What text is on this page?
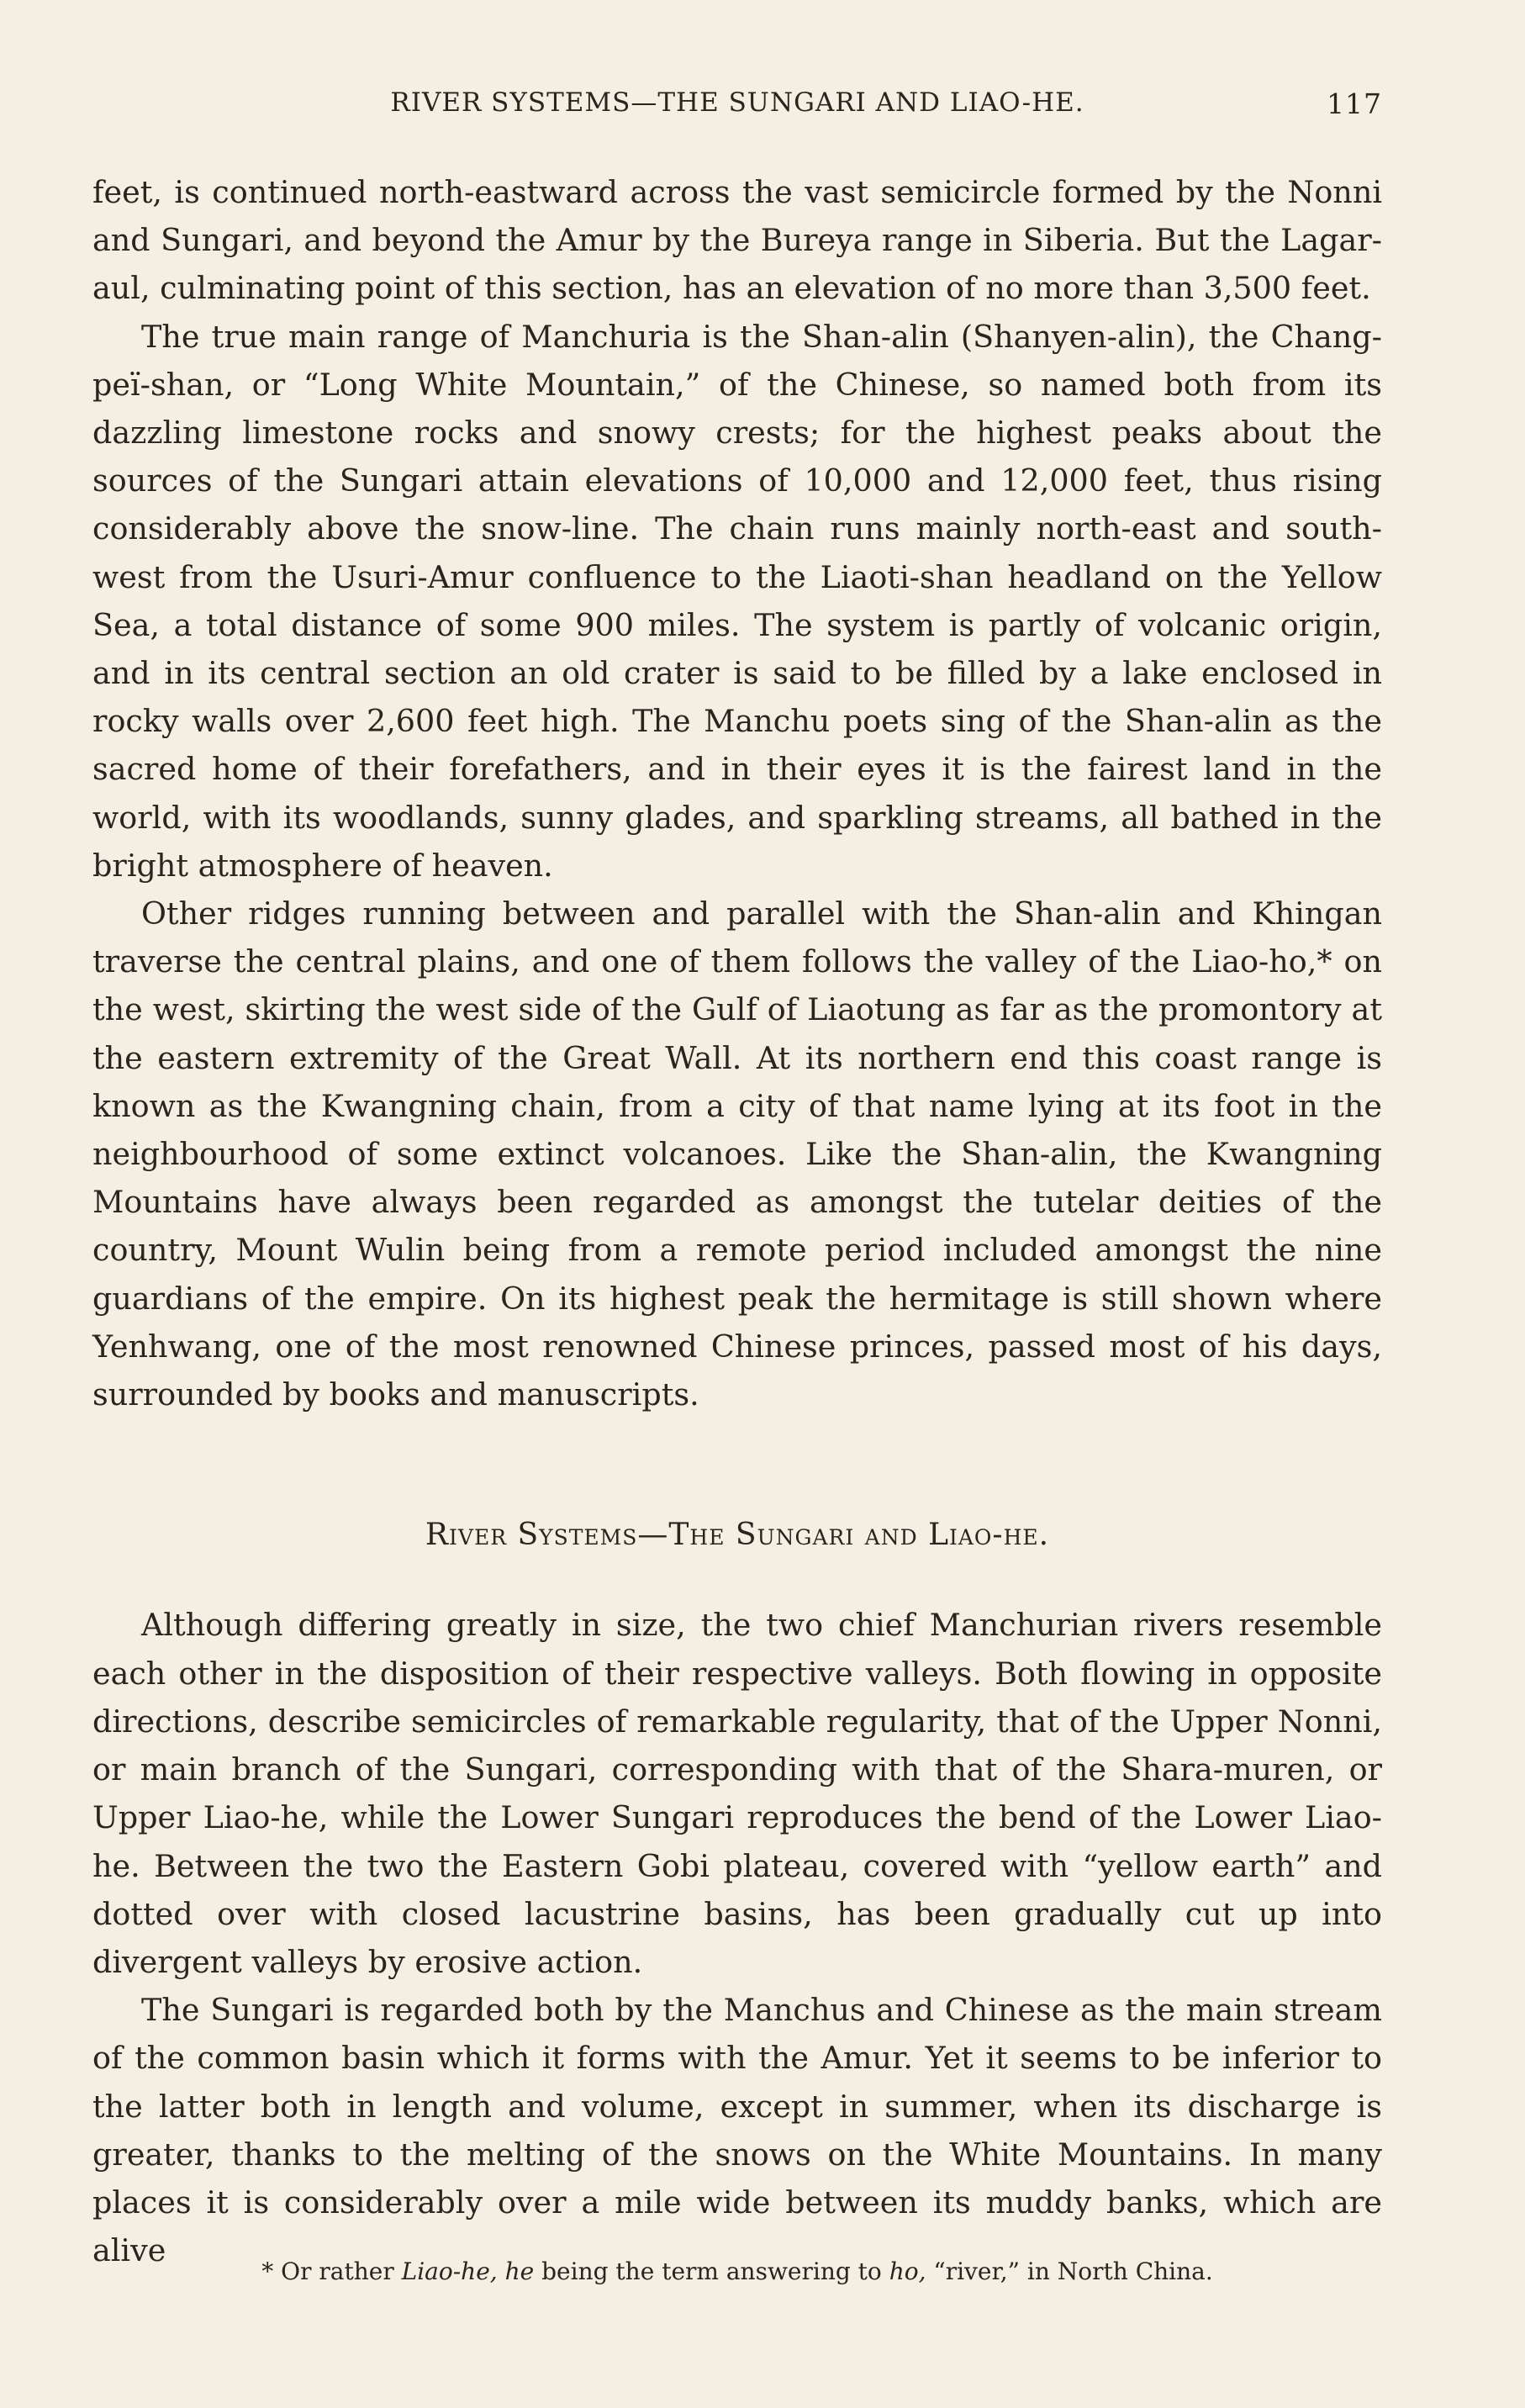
RIVER SYSTEMS—THE SUNGARI AND LIAO-HE.	117

feet, is continued north-eastward across the vast semicircle formed by the Nonni and Sungari, and beyond the Amur by the Bureya range in Siberia. But the Lagar-aul, culminating point of this section, has an elevation of no more than 3,500 feet.

The true main range of Manchuria is the Shan-alin (Shanyen-alin), the Chang-peï-shan, or “Long White Mountain,” of the Chinese, so named both from its dazzling limestone rocks and snowy crests; for the highest peaks about the sources of the Sungari attain elevations of 10,000 and 12,000 feet, thus rising considerably above the snow-line. The chain runs mainly north-east and south-west from the Usuri-Amur confluence to the Liaoti-shan headland on the Yellow Sea, a total distance of some 900 miles. The system is partly of volcanic origin, and in its central section an old crater is said to be filled by a lake enclosed in rocky walls over 2,600 feet high. The Manchu poets sing of the Shan-alin as the sacred home of their forefathers, and in their eyes it is the fairest land in the world, with its woodlands, sunny glades, and sparkling streams, all bathed in the bright atmosphere of heaven.

Other ridges running between and parallel with the Shan-alin and Khingan traverse the central plains, and one of them follows the valley of the Liao-ho,* on the west, skirting the west side of the Gulf of Liaotung as far as the promontory at the eastern extremity of the Great Wall. At its northern end this coast range is known as the Kwangning chain, from a city of that name lying at its foot in the neighbourhood of some extinct volcanoes. Like the Shan-alin, the Kwangning Mountains have always been regarded as amongst the tutelar deities of the country, Mount Wulin being from a remote period included amongst the nine guardians of the empire. On its highest peak the hermitage is still shown where Yenhwang, one of the most renowned Chinese princes, passed most of his days, surrounded by books and manuscripts.

River Systems—The Sungari and Liao-he.

Although differing greatly in size, the two chief Manchurian rivers resemble each other in the disposition of their respective valleys. Both flowing in opposite directions, describe semicircles of remarkable regularity, that of the Upper Nonni, or main branch of the Sungari, corresponding with that of the Shara-muren, or Upper Liao-he, while the Lower Sungari reproduces the bend of the Lower Liao-he. Between the two the Eastern Gobi plateau, covered with “yellow earth” and dotted over with closed lacustrine basins, has been gradually cut up into divergent valleys by erosive action.

The Sungari is regarded both by the Manchus and Chinese as the main stream of the common basin which it forms with the Amur. Yet it seems to be inferior to the latter both in length and volume, except in summer, when its discharge is greater, thanks to the melting of the snows on the White Mountains. In many places it is considerably over a mile wide between its muddy banks, which are alive

* Or rather Liao-he, he being the term answering to ho, “river,” in North China.
